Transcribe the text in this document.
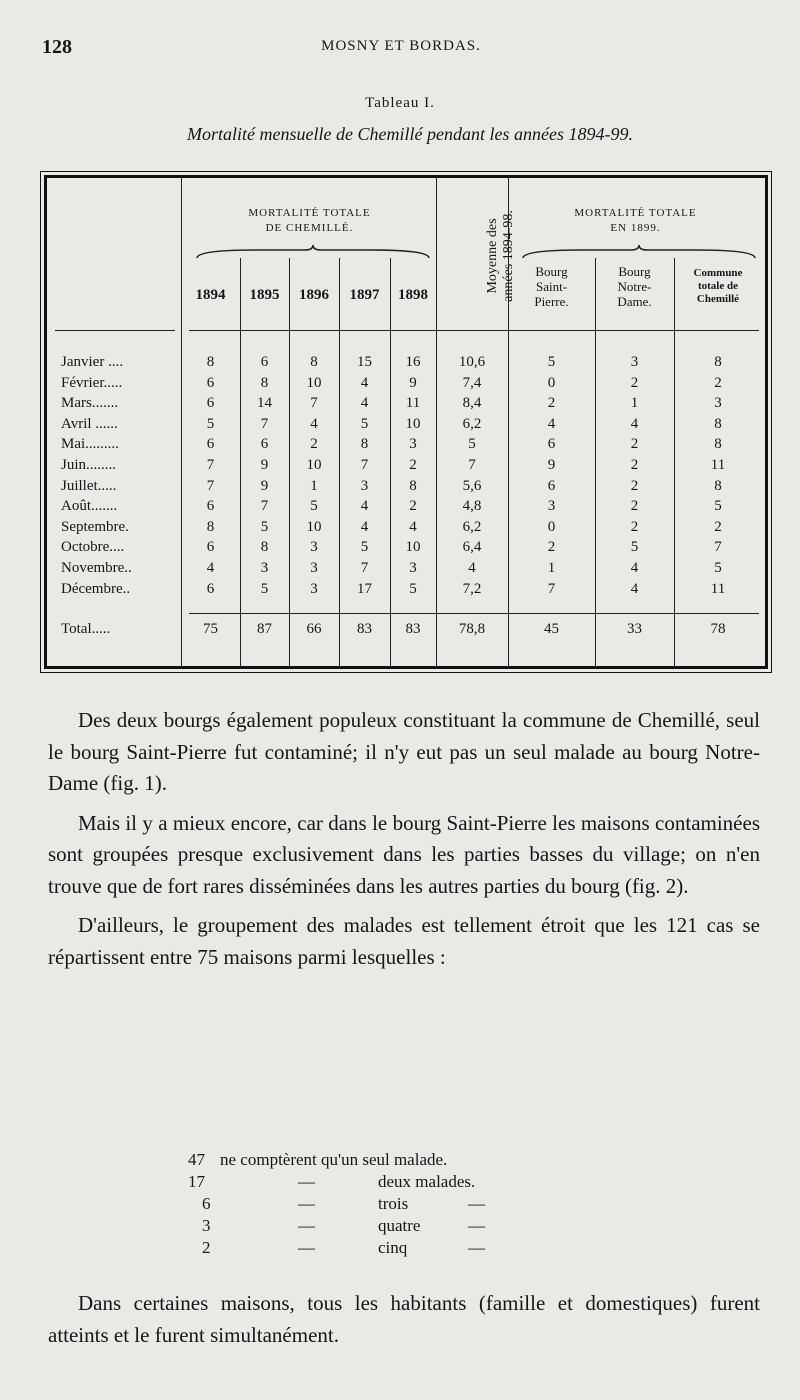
128	MOSNY ET BORDAS.
Tableau I.
Mortalité mensuelle de Chemillé pendant les années 1894-99.
MORTALITÉ TOTALE
DE CHEMILLÉ.	Moyenne des années 1894-98.	MORTALITÉ TOTALE
EN 1899.
1894	1895	1896	1897	1898
Bourg
Saint-
Pierre.
Bourg
Notre-
Dame.
Commune
totale de
Chemillé
Janvier ....	8	6	8	15	16	10,6	5	3	8
Février.....	6	8	10	4	9	7,4	0	2	2
Mars.......	6	14	7	4	11	8,4	2	1	3
Avril ......	5	7	4	5	10	6,2	4	4	8
Mai.........	6	6	2	8	3	5	6	2	8
Juin........	7	9	10	7	2	7	9	2	11
Juillet.....	7	9	1	3	8	5,6	6	2	8
Août.......	6	7	5	4	2	4,8	3	2	5
Septembre.	8	5	10	4	4	6,2	0	2	2
Octobre....	6	8	3	5	10	6,4	2	5	7
Novembre..	4	3	3	7	3	4	1	4	5
Décembre..	6	5	3	17	5	7,2	7	4	11
Total.....	75	87	66	83	83	78,8	45	33	78

Des deux bourgs également populeux constituant la commune de Chemillé, seul le bourg Saint-Pierre fut contaminé; il n'y eut pas un seul malade au bourg Notre-Dame (fig. 1).

Mais il y a mieux encore, car dans le bourg Saint-Pierre les maisons contaminées sont groupées presque exclusivement dans les parties basses du village; on n'en trouve que de fort rares disséminées dans les autres parties du bourg (fig. 2).

D'ailleurs, le groupement des malades est tellement étroit que les 121 cas se répartissent entre 75 maisons parmi lesquelles :

47 ne comptèrent qu'un seul malade.
17	—	deux malades.
6	—	trois	—
3	—	quatre	—
2	—	cinq	—

Dans certaines maisons, tous les habitants (famille et domestiques) furent atteints et le furent simultanément.
